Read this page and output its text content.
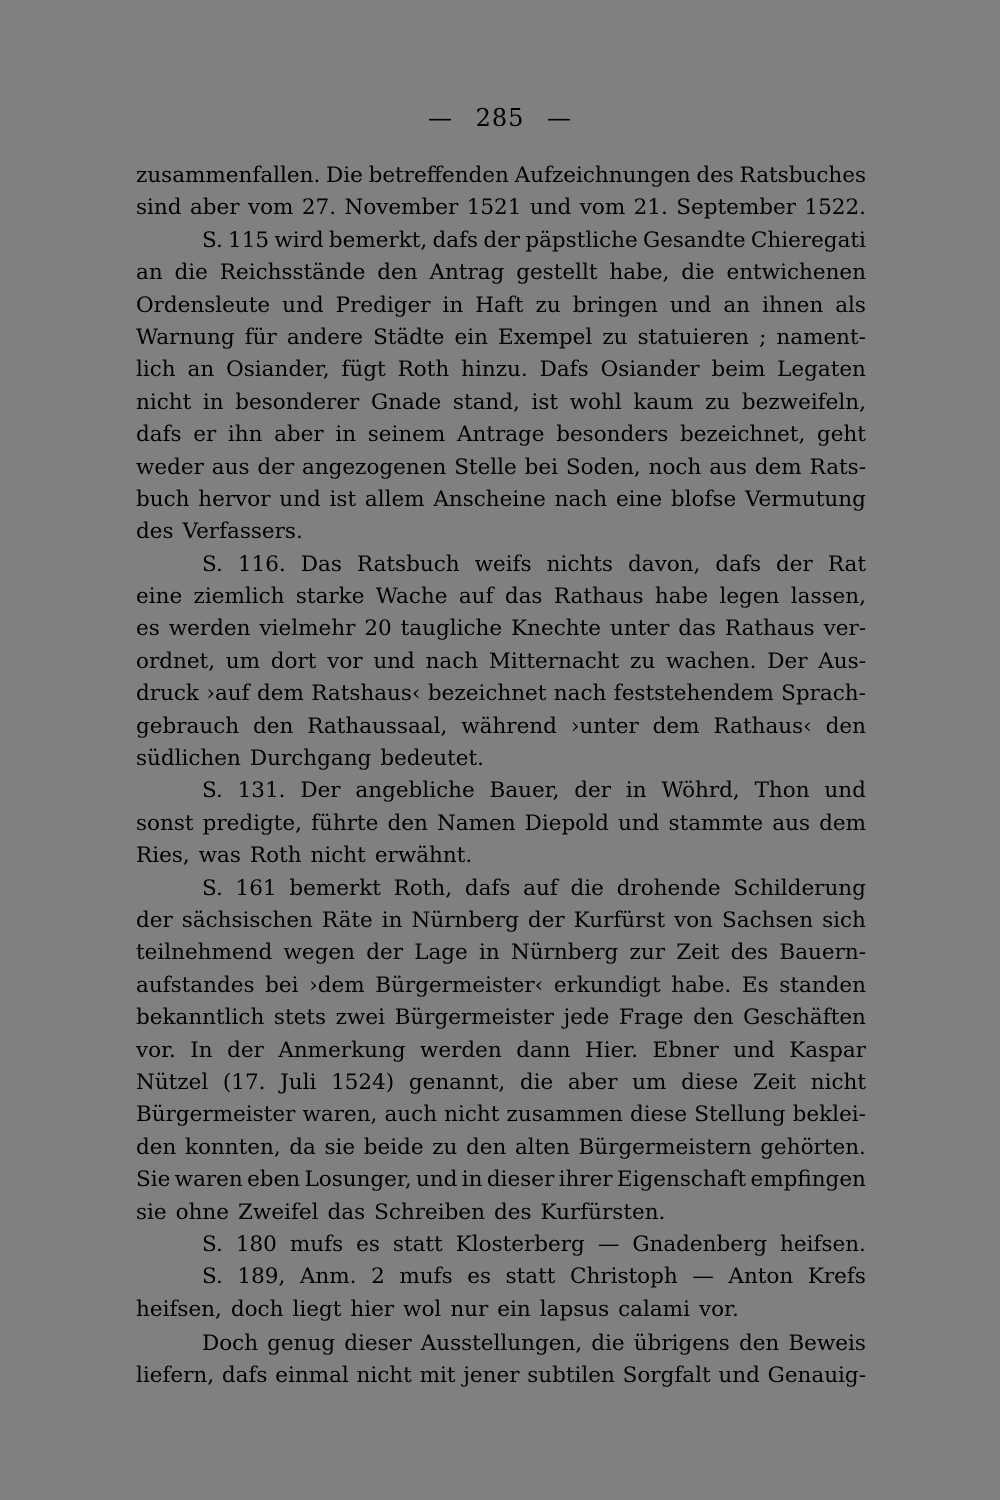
— 285 —
zusammenfallen. Die betreffenden Aufzeichnungen des Ratsbuches
sind aber vom 27. November 1521 und vom 21. September 1522.
S. 115 wird bemerkt, dafs der päpstliche Gesandte Chieregati
an die Reichsstände den Antrag gestellt habe, die entwichenen
Ordensleute und Prediger in Haft zu bringen und an ihnen als
Warnung für andere Städte ein Exempel zu statuieren ; nament-
lich an Osiander, fügt Roth hinzu. Dafs Osiander beim Legaten
nicht in besonderer Gnade stand, ist wohl kaum zu bezweifeln,
dafs er ihn aber in seinem Antrage besonders bezeichnet, geht
weder aus der angezogenen Stelle bei Soden, noch aus dem Rats-
buch hervor und ist allem Anscheine nach eine blofse Vermutung
des Verfassers.
S. 116. Das Ratsbuch weifs nichts davon, dafs der Rat
eine ziemlich starke Wache auf das Rathaus habe legen lassen,
es werden vielmehr 20 taugliche Knechte unter das Rathaus ver-
ordnet, um dort vor und nach Mitternacht zu wachen. Der Aus-
druck ›auf dem Ratshaus‹ bezeichnet nach feststehendem Sprach-
gebrauch den Rathaussaal, während ›unter dem Rathaus‹ den
südlichen Durchgang bedeutet.
S. 131. Der angebliche Bauer, der in Wöhrd, Thon und
sonst predigte, führte den Namen Diepold und stammte aus dem
Ries, was Roth nicht erwähnt.
S. 161 bemerkt Roth, dafs auf die drohende Schilderung
der sächsischen Räte in Nürnberg der Kurfürst von Sachsen sich
teilnehmend wegen der Lage in Nürnberg zur Zeit des Bauern-
aufstandes bei ›dem Bürgermeister‹ erkundigt habe. Es standen
bekanntlich stets zwei Bürgermeister jede Frage den Geschäften
vor. In der Anmerkung werden dann Hier. Ebner und Kaspar
Nützel (17. Juli 1524) genannt, die aber um diese Zeit nicht
Bürgermeister waren, auch nicht zusammen diese Stellung beklei-
den konnten, da sie beide zu den alten Bürgermeistern gehörten.
Sie waren eben Losunger, und in dieser ihrer Eigenschaft empfingen
sie ohne Zweifel das Schreiben des Kurfürsten.
S. 180 mufs es statt Klosterberg — Gnadenberg heifsen.
S. 189, Anm. 2 mufs es statt Christoph — Anton Krefs
heifsen, doch liegt hier wol nur ein lapsus calami vor.
Doch genug dieser Ausstellungen, die übrigens den Beweis
liefern, dafs einmal nicht mit jener subtilen Sorgfalt und Genauig-
